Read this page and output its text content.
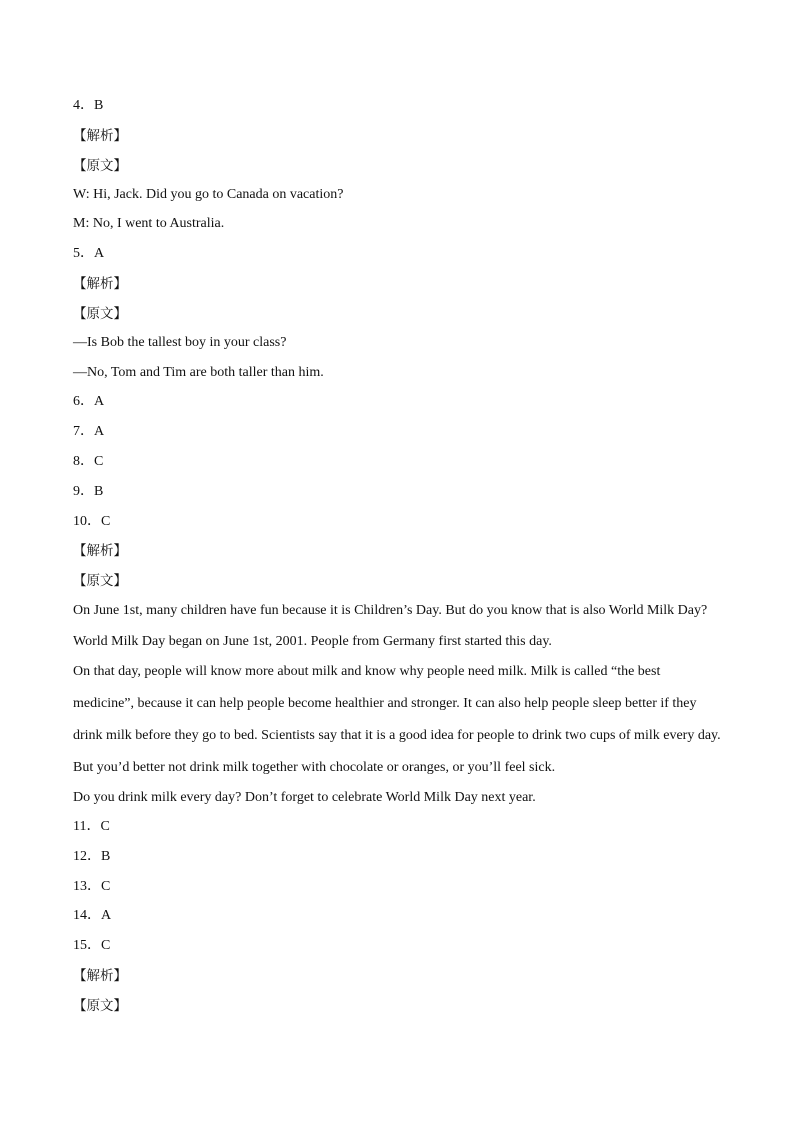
4．B
【解析】
【原文】
W: Hi, Jack. Did you go to Canada on vacation?
M: No, I went to Australia.
5．A
【解析】
【原文】
—Is Bob the tallest boy in your class?
—No, Tom and Tim are both taller than him.
6．A
7．A
8．C
9．B
10．C
【解析】
【原文】
On June 1st, many children have fun because it is Children’s Day. But do you know that is also World Milk Day?
World Milk Day began on June 1st, 2001. People from Germany first started this day.
On that day, people will know more about milk and know why people need milk. Milk is called “the best
medicine”, because it can help people become healthier and stronger. It can also help people sleep better if they
drink milk before they go to bed. Scientists say that it is a good idea for people to drink two cups of milk every day.
But you’d better not drink milk together with chocolate or oranges, or you’ll feel sick.
Do you drink milk every day? Don’t forget to celebrate World Milk Day next year.
11．C
12．B
13．C
14．A
15．C
【解析】
【原文】
